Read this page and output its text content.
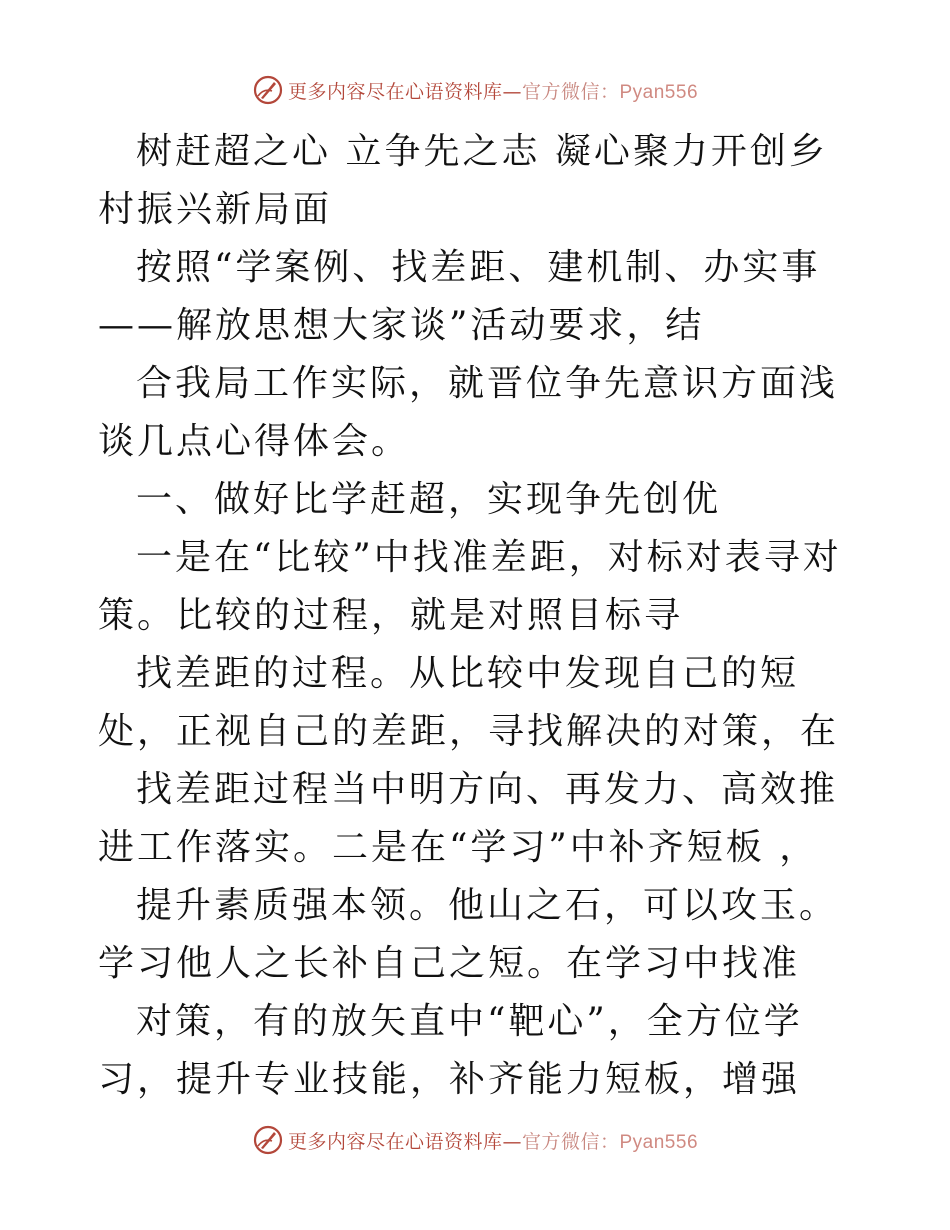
更多内容尽在心语资料库—官方微信：Pyan556

树赶超之心 立争先之志 凝心聚力开创乡村振兴新局面

按照“学案例、找差距、建机制、办实事——解放思想大家谈”活动要求，结

合我局工作实际，就晋位争先意识方面浅谈几点心得体会。

一、做好比学赶超，实现争先创优

一是在“比较”中找准差距，对标对表寻对策。比较的过程，就是对照目标寻

找差距的过程。从比较中发现自己的短处，正视自己的差距，寻找解决的对策，在

找差距过程当中明方向、再发力、高效推进工作落实。二是在“学习”中补齐短板 ，

提升素质强本领。他山之石，可以攻玉。学习他人之长补自己之短。在学习中找准

对策，有的放矢直中“靶心”，全方位学习，提升专业技能，补齐能力短板，增强

更多内容尽在心语资料库—官方微信：Pyan556
